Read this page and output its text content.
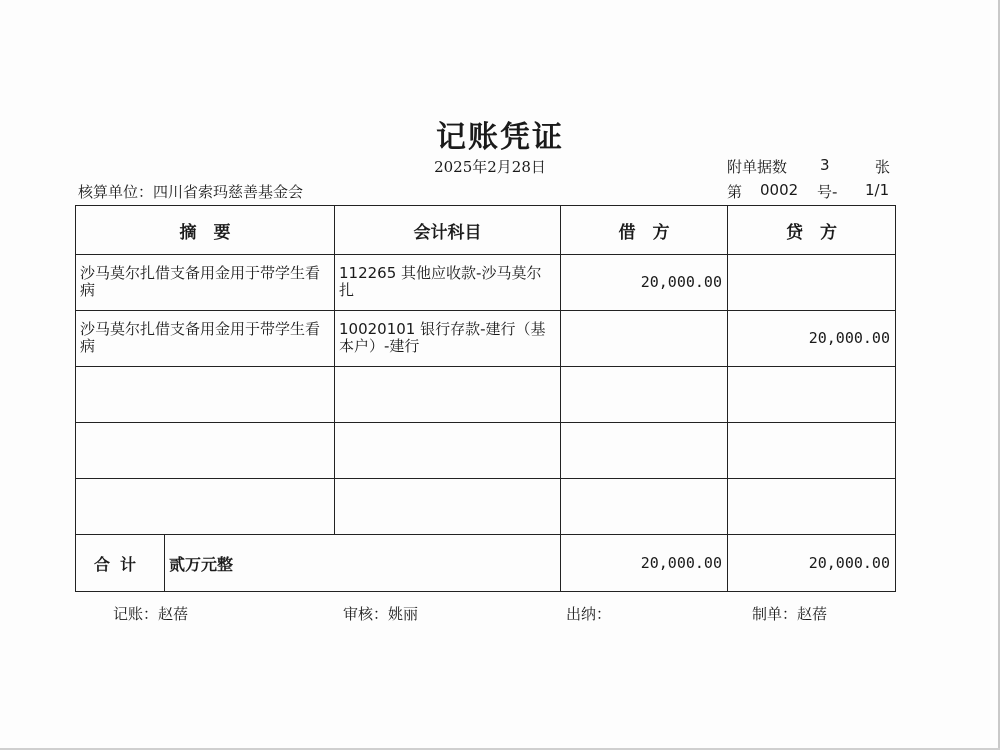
记账凭证
2025年2月28日	附单据数 3	张
核算单位：四川省索玛慈善基金会	第 0002 号- 1/1
摘　要	会计科目	借　方	贷　方

沙马莫尔扎借支备用金用于带学生看病	112265 其他应收款-沙马莫尔扎	20,000.00	

沙马莫尔扎借支备用金用于带学生看病	10020101 银行存款-建行（基本户）-建行		20,000.00

合计 贰万元整		20,000.00	20,000.00
记账：赵蓓	审核：姚丽	出纳：	制单：赵蓓
